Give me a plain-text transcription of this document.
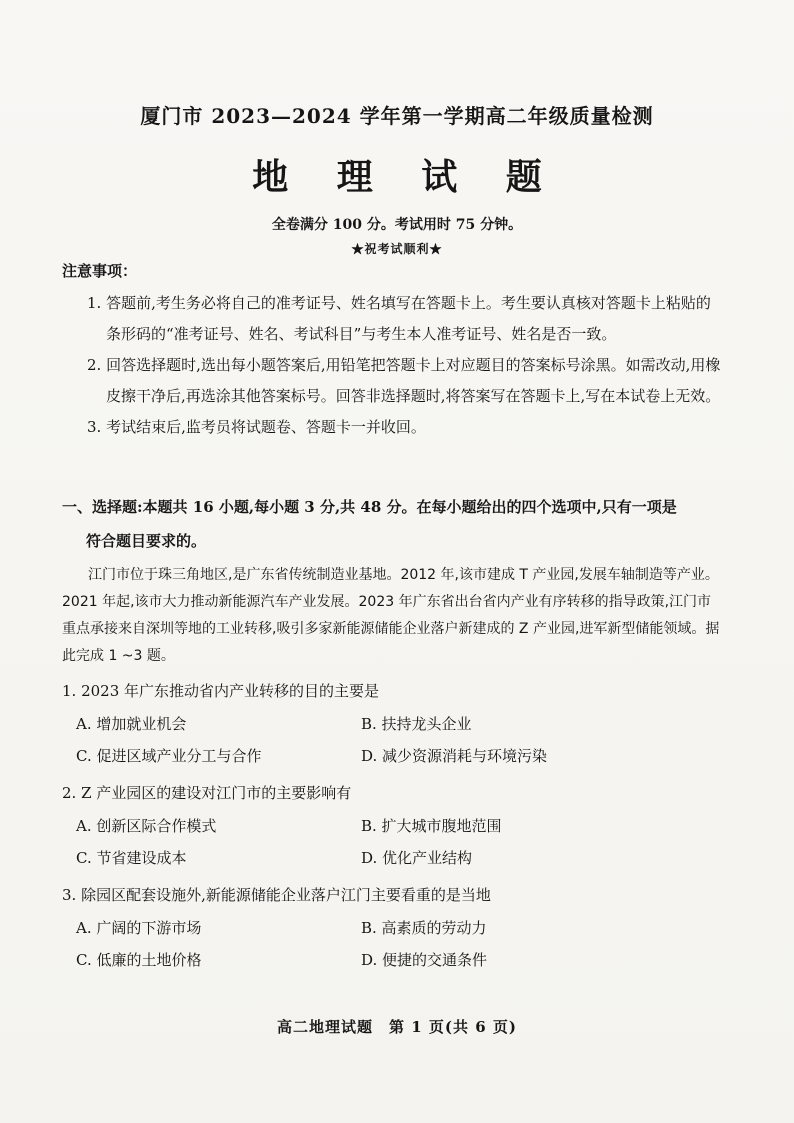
厦门市 2023—2024 学年第一学期高二年级质量检测
地 理 试 题
全卷满分 100 分。考试用时 75 分钟。
★祝考试顺利★
注意事项：
1. 答题前,考生务必将自己的准考证号、姓名填写在答题卡上。考生要认真核对答题卡上粘贴的条形码的“准考证号、姓名、考试科目”与考生本人准考证号、姓名是否一致。
2. 回答选择题时,选出每小题答案后,用铅笔把答题卡上对应题目的答案标号涂黑。如需改动,用橡皮擦干净后,再选涂其他答案标号。回答非选择题时,将答案写在答题卡上,写在本试卷上无效。
3. 考试结束后,监考员将试题卷、答题卡一并收回。
一、选择题:本题共 16 小题,每小题 3 分,共 48 分。在每小题给出的四个选项中,只有一项是
符合题目要求的。
江门市位于珠三角地区,是广东省传统制造业基地。2012 年,该市建成 T 产业园,发展车轴制造等产业。2021 年起,该市大力推动新能源汽车产业发展。2023 年广东省出台省内产业有序转移的指导政策,江门市重点承接来自深圳等地的工业转移,吸引多家新能源储能企业落户新建成的 Z 产业园,进军新型储能领域。据此完成 1 ~3 题。
1. 2023 年广东推动省内产业转移的目的主要是
A. 增加就业机会	B. 扶持龙头企业
C. 促进区域产业分工与合作	D. 减少资源消耗与环境污染
2. Z 产业园区的建设对江门市的主要影响有
A. 创新区际合作模式	B. 扩大城市腹地范围
C. 节省建设成本	D. 优化产业结构
3. 除园区配套设施外,新能源储能企业落户江门主要看重的是当地
A. 广阔的下游市场	B. 高素质的劳动力
C. 低廉的土地价格	D. 便捷的交通条件
高二地理试题　第 1 页(共 6 页)
